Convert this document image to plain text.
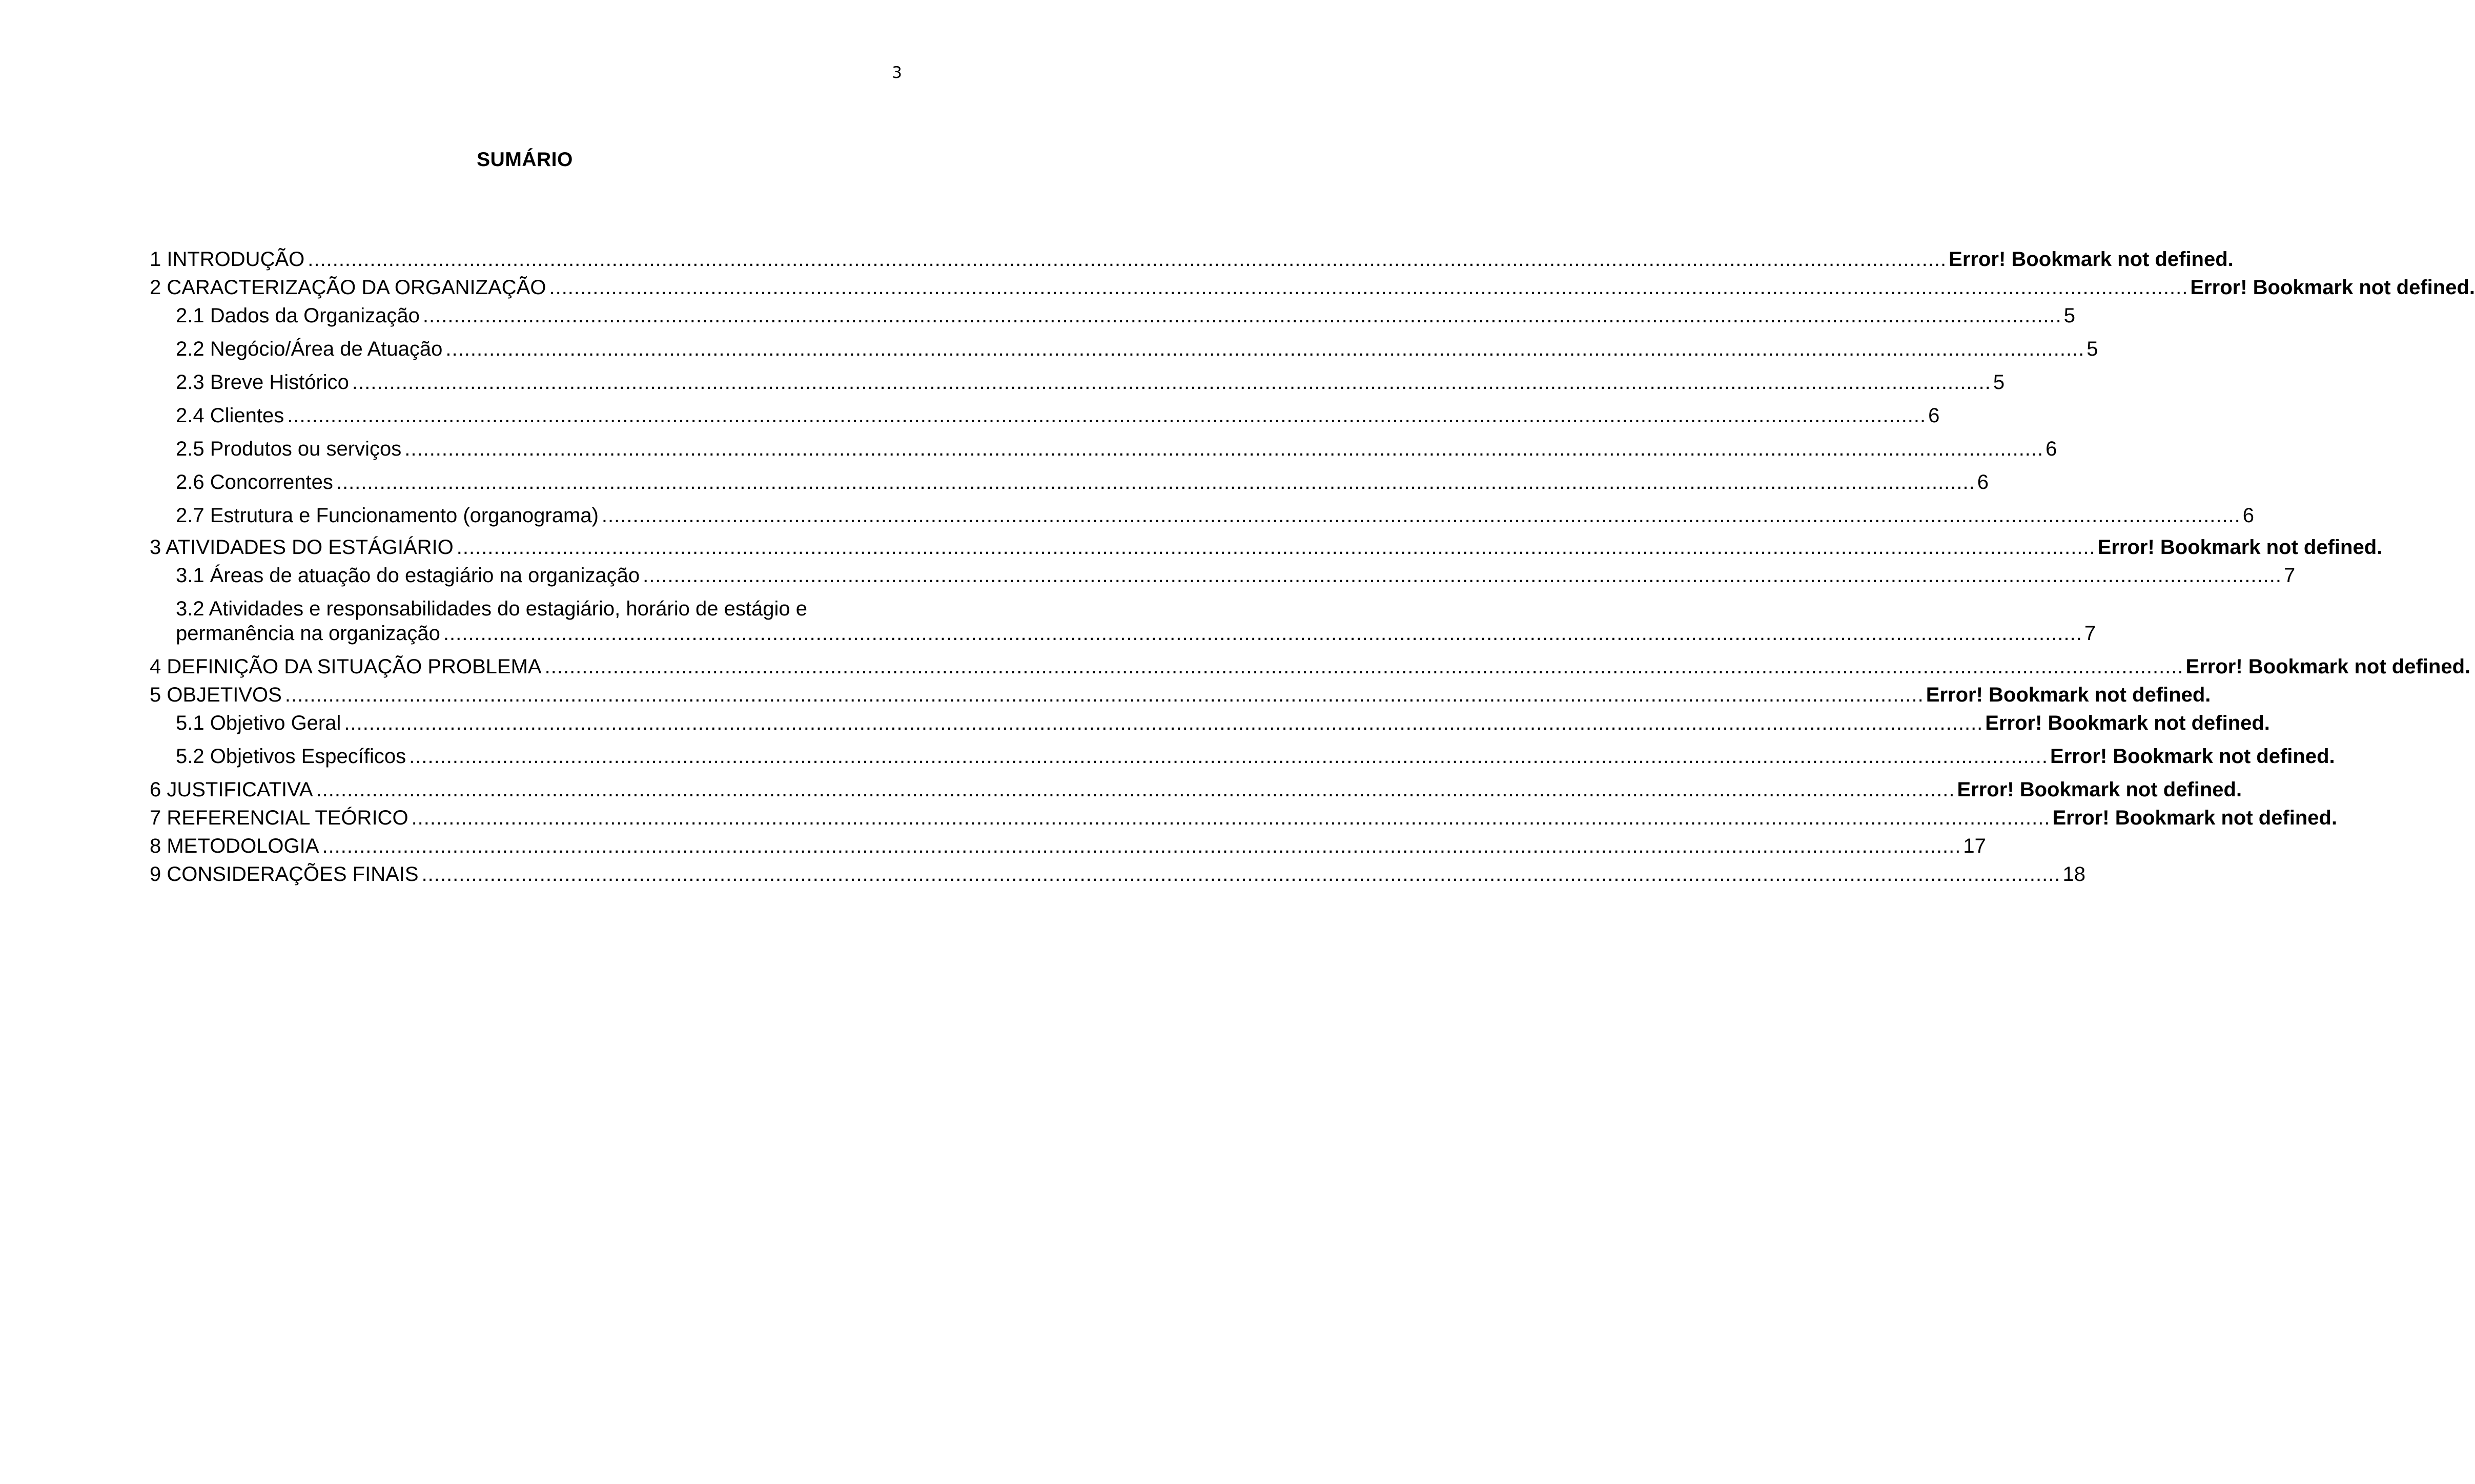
3
SUMÁRIO
1 INTRODUÇÃO ........................................................................................................................................................................................................................................................................ Error! Bookmark not defined.
2 CARACTERIZAÇÃO DA ORGANIZAÇÃO ........................................................................................................................................................................................................................................................................ Error! Bookmark not defined.
2.1 Dados da Organização ........................................................................................................................................................................................................................................................................ 5
2.2 Negócio/Área de Atuação ........................................................................................................................................................................................................................................................................ 5
2.3 Breve Histórico ........................................................................................................................................................................................................................................................................ 5
2.4 Clientes ........................................................................................................................................................................................................................................................................ 6
2.5 Produtos ou serviços ........................................................................................................................................................................................................................................................................ 6
2.6 Concorrentes ........................................................................................................................................................................................................................................................................ 6
2.7 Estrutura e Funcionamento (organograma) ........................................................................................................................................................................................................................................................................ 6
3 ATIVIDADES DO ESTÁGIÁRIO ........................................................................................................................................................................................................................................................................ Error! Bookmark not defined.
3.1 Áreas de atuação do estagiário na organização ........................................................................................................................................................................................................................................................................ 7
3.2 Atividades e responsabilidades do estagiário, horário de estágio e
permanência na organização ........................................................................................................................................................................................................................................................................ 7
4 DEFINIÇÃO DA SITUAÇÃO PROBLEMA ........................................................................................................................................................................................................................................................................ Error! Bookmark not defined.
5 OBJETIVOS ........................................................................................................................................................................................................................................................................ Error! Bookmark not defined.
5.1 Objetivo Geral ........................................................................................................................................................................................................................................................................ Error! Bookmark not defined.
5.2 Objetivos Específicos ........................................................................................................................................................................................................................................................................ Error! Bookmark not defined.
6 JUSTIFICATIVA ........................................................................................................................................................................................................................................................................ Error! Bookmark not defined.
7 REFERENCIAL TEÓRICO ........................................................................................................................................................................................................................................................................ Error! Bookmark not defined.
8 METODOLOGIA ........................................................................................................................................................................................................................................................................ 17
9 CONSIDERAÇÕES FINAIS ........................................................................................................................................................................................................................................................................ 18
